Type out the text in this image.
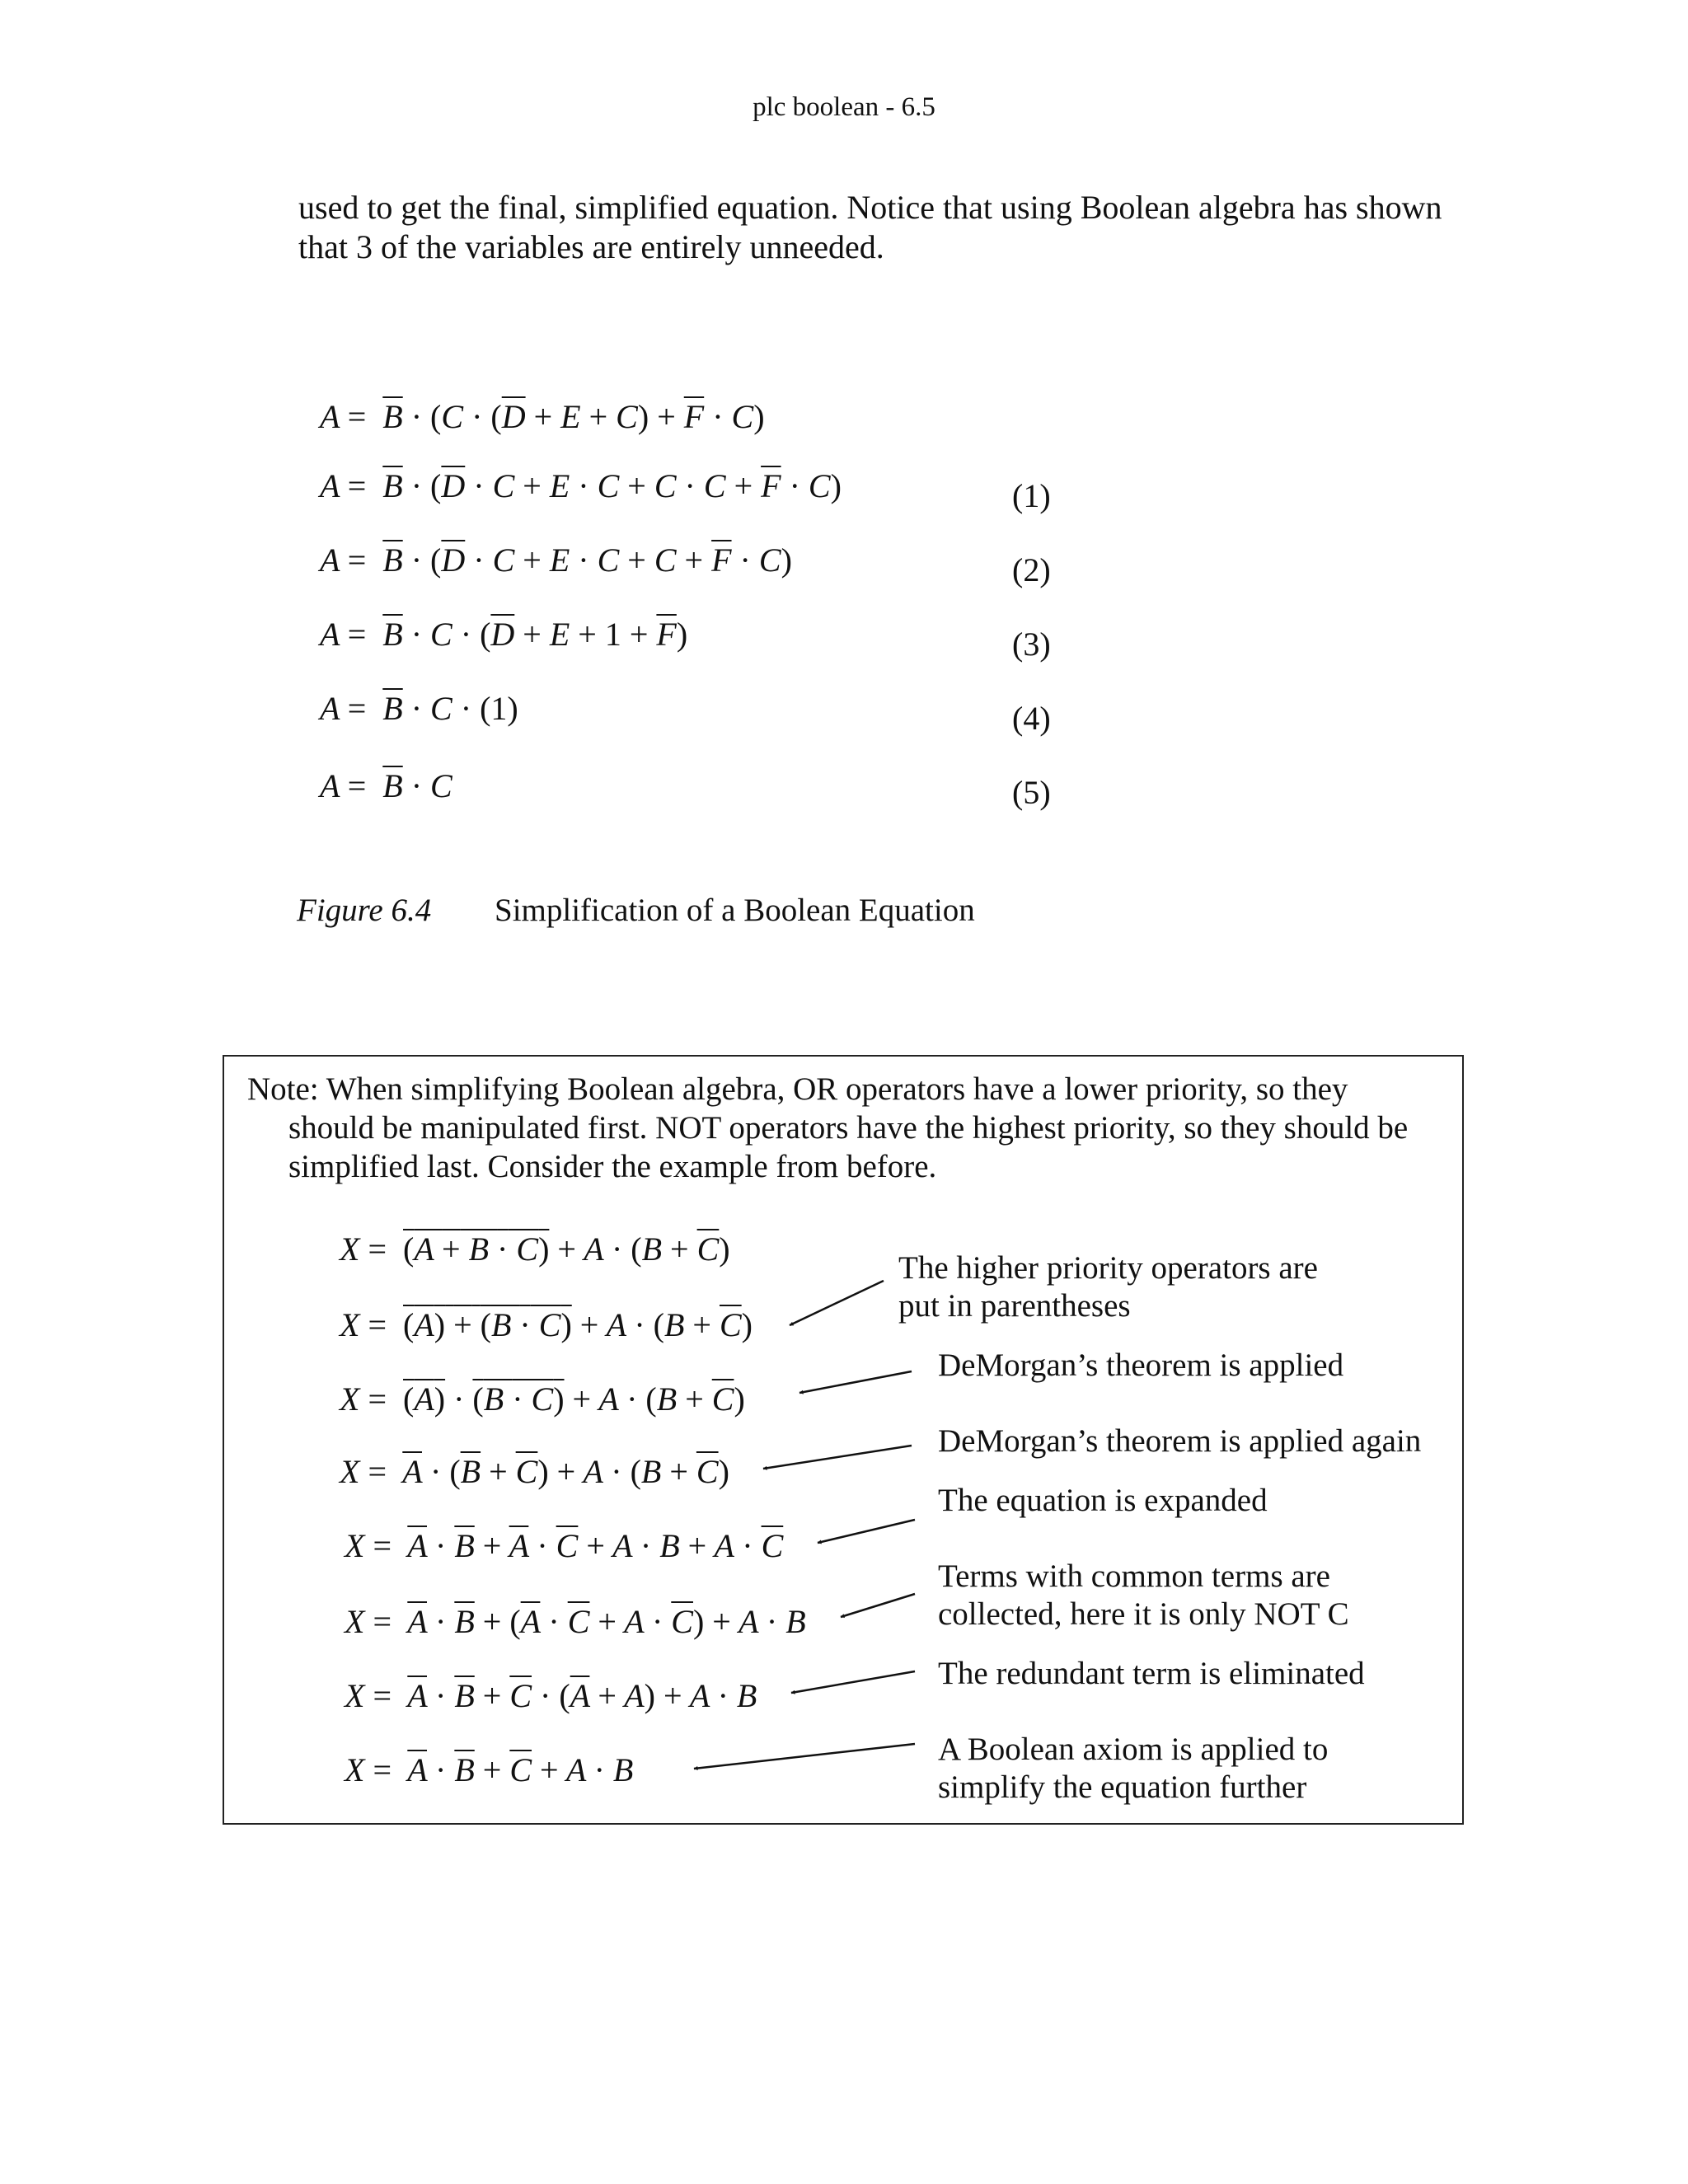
plc boolean - 6.5
used to get the final, simplified equation. Notice that using Boolean algebra has shown
that 3 of the variables are entirely unneeded.
$A = \overline{B} \cdot (C \cdot (\overline{D} + E + C) + \overline{F} \cdot C)$
$A = \overline{B} \cdot (\overline{D} \cdot C + E \cdot C + C \cdot C + \overline{F} \cdot C)$
$A = \overline{B} \cdot (\overline{D} \cdot C + E \cdot C + C + \overline{F} \cdot C)$
$A = \overline{B} \cdot C \cdot (\overline{D} + E + 1 + \overline{F})$
$A = \overline{B} \cdot C \cdot (1)$
$A = \overline{B} \cdot C$
(1)
(2)
(3)
(4)
(5)
Figure 6.4 Simplification of a Boolean Equation
Note: When simplifying Boolean algebra, OR operators have a lower priority, so they
should be manipulated first. NOT operators have the highest priority, so they should be
simplified last. Consider the example from before.
$X = (A + B \cdot C) + A \cdot (B + \overline{C})$
$X = (A) + (B \cdot C) + A \cdot (B + \overline{C})$
$X = (A) \cdot (B \cdot C) + A \cdot (B + \overline{C})$
$X = \overline{A} \cdot (\overline{B} + \overline{C}) + A \cdot (B + \overline{C})$
$X = \overline{A} \cdot \overline{B} + \overline{A} \cdot \overline{C} + A \cdot B + A \cdot \overline{C}$
$X = \overline{A} \cdot \overline{B} + (\overline{A} \cdot \overline{C} + A \cdot \overline{C}) + A \cdot B$
$X = \overline{A} \cdot \overline{B} + \overline{C} \cdot (\overline{A} + A) + A \cdot B$
$X = \overline{A} \cdot \overline{B} + \overline{C} + A \cdot B$
The higher priority operators are
put in parentheses
DeMorgan’s theorem is applied
DeMorgan’s theorem is applied again
The equation is expanded
Terms with common terms are
collected, here it is only NOT C
The redundant term is eliminated
A Boolean axiom is applied to
simplify the equation further
